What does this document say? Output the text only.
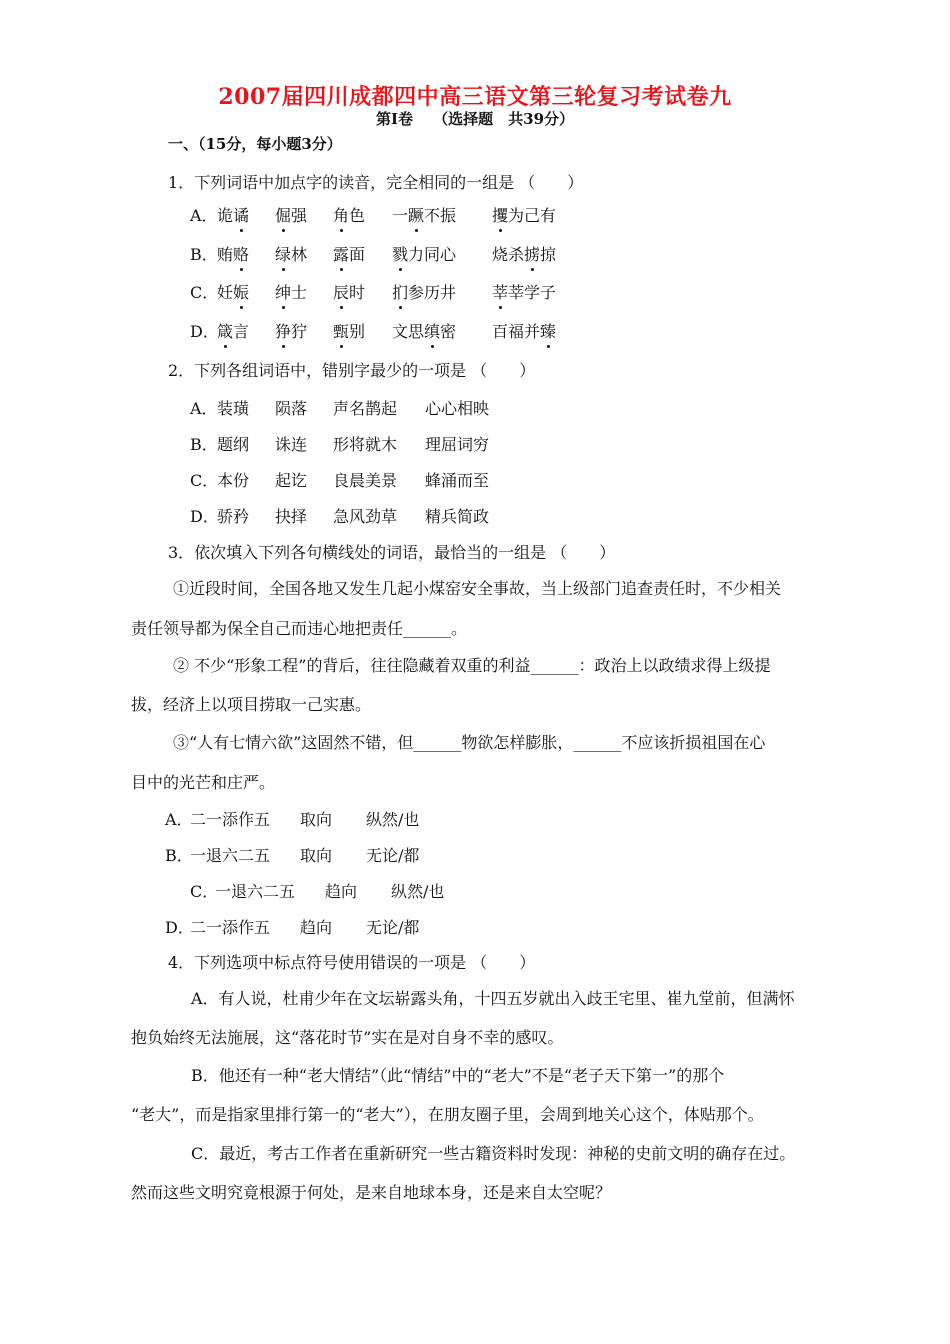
2007届四川成都四中高三语文第三轮复习考试卷九
第Ⅰ卷　 （选择题　共39分）
一、（15分，每小题3分）
1．下列词语中加点字的读音，完全相同的一组是 （　　）
A． 诡谲 倔强 角色 一蹶不振 攫为己有
B． 贿赂 绿林 露面 戮力同心 烧杀掳掠
C．
妊娠 绅士 辰时 扪参历井 莘莘学子
D．
箴言 狰狞 甄别 文思缜密 百福并臻
2．下列各组词语中，错别字最少的一项是 （　　）
A． 装璜 陨落 声名鹊起 心心相映
B． 题纲 诛连 形将就木 理屈词穷
C．
本份 起讫 良晨美景 蜂涌而至
D．
骄矜 抉择 急风劲草 精兵简政
3．依次填入下列各句横线处的词语，最恰当的一组是 （　　）
①近段时间，全国各地又发生几起小煤窑安全事故，当上级部门追查责任时，不少相关
责任领导都为保全自己而违心地把责任______。
② 不少“形象工程”的背后，往往隐藏着双重的利益______：政治上以政绩求得上级提
拔，经济上以项目捞取一己实惠。
③“人有七情六欲”这固然不错，但______物欲怎样膨胀，______不应该折损祖国在心
目中的光芒和庄严。
A．
二一添作五 取向 纵然/也
B．
一退六二五 取向 无论/都
C．
一退六二五 趋向 纵然/也
D．
二一添作五 趋向 无论/都
4．下列选项中标点符号使用错误的一项是 （　　）
A．有人说，杜甫少年在文坛崭露头角，十四五岁就出入歧王宅里、崔九堂前，但满怀
抱负始终无法施展，这“落花时节”实在是对自身不幸的感叹。
B．他还有一种“老大情结”（此“情结”中的“老大”不是“老子天下第一”的那个
“老大”，而是指家里排行第一的“老大”），在朋友圈子里，会周到地关心这个，体贴那个。
C．最近，考古工作者在重新研究一些古籍资料时发现：神秘的史前文明的确存在过。
然而这些文明究竟根源于何处，是来自地球本身，还是来自太空呢？
